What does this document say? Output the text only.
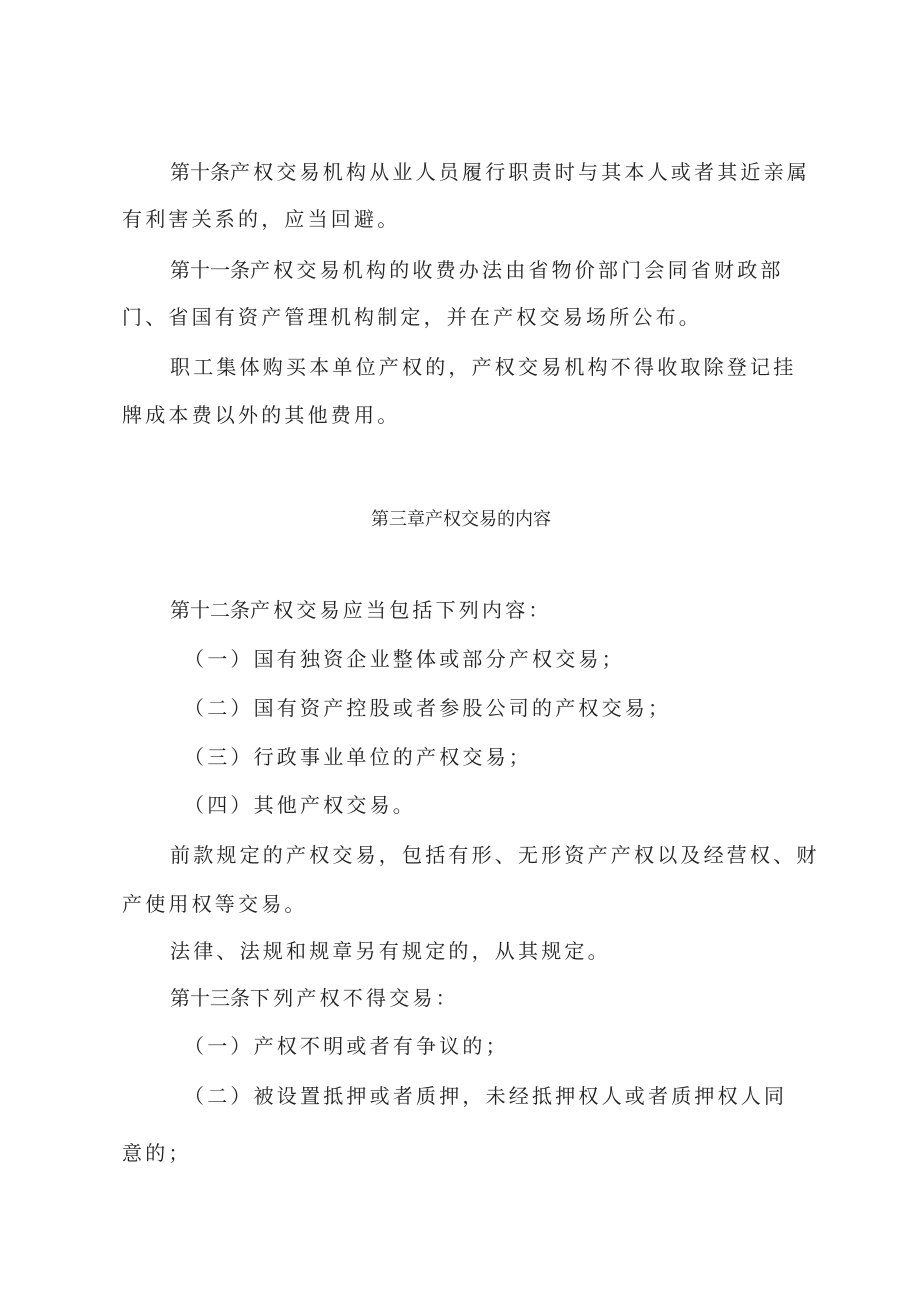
第十条产权交易机构从业人员履行职责时与其本人或者其近亲属
有利害关系的，应当回避。
第十一条产权交易机构的收费办法由省物价部门会同省财政部
门、省国有资产管理机构制定，并在产权交易场所公布。
职工集体购买本单位产权的，产权交易机构不得收取除登记挂
牌成本费以外的其他费用。
第三章产权交易的内容
第十二条产权交易应当包括下列内容：
（一）国有独资企业整体或部分产权交易；
（二）国有资产控股或者参股公司的产权交易；
（三）行政事业单位的产权交易；
（四）其他产权交易。
前款规定的产权交易，包括有形、无形资产产权以及经营权、财
产使用权等交易。
法律、法规和规章另有规定的，从其规定。
第十三条下列产权不得交易：
（一）产权不明或者有争议的；
（二）被设置抵押或者质押，未经抵押权人或者质押权人同
意的；
